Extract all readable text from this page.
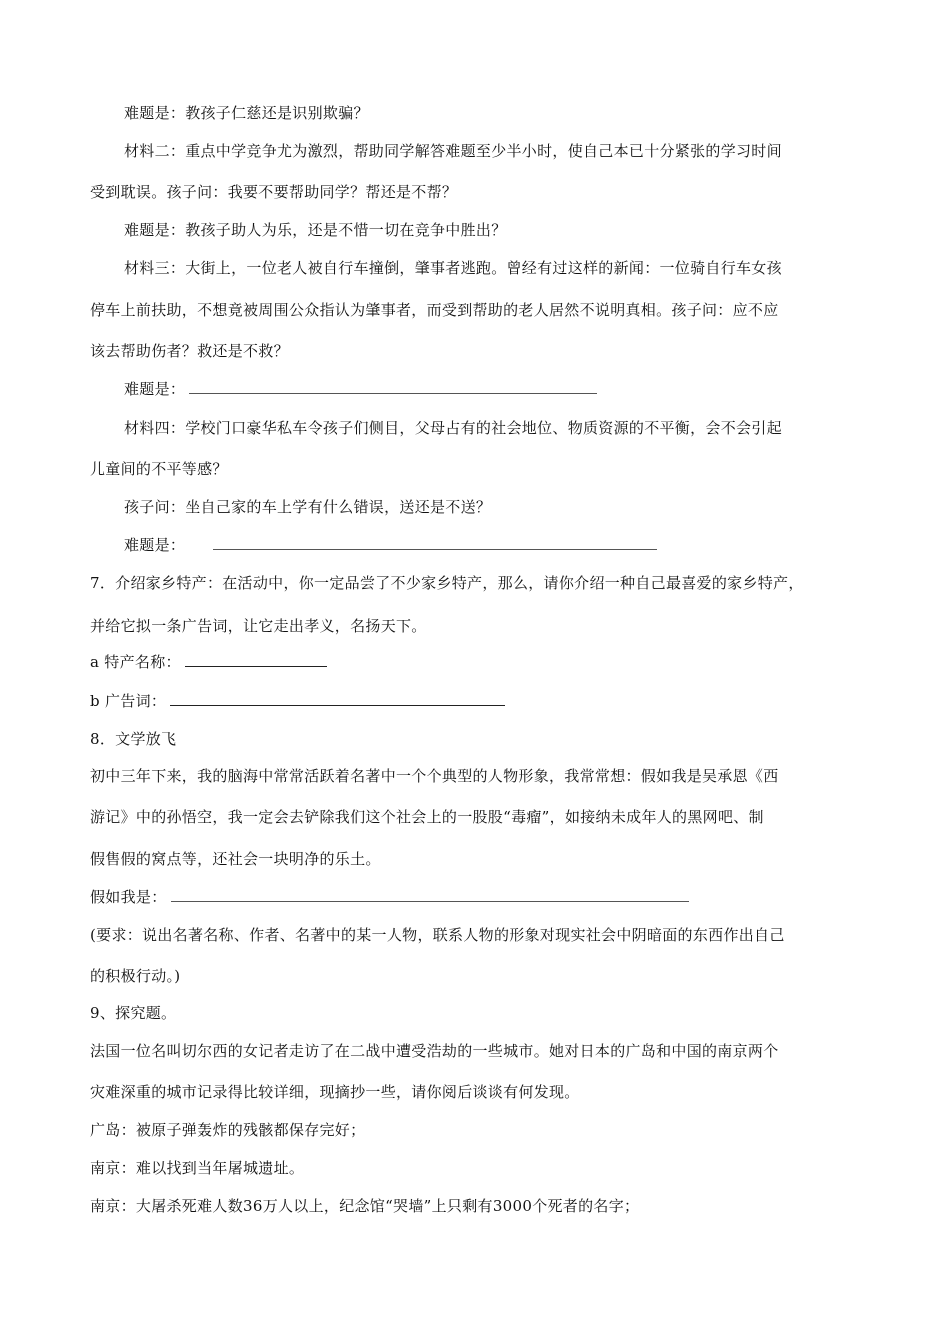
难题是：教孩子仁慈还是识别欺骗？
材料二：重点中学竞争尤为激烈，帮助同学解答难题至少半小时，使自己本已十分紧张的学习时间
受到耽误。孩子问：我要不要帮助同学？帮还是不帮？
难题是：教孩子助人为乐，还是不惜一切在竞争中胜出？
材料三：大街上，一位老人被自行车撞倒，肇事者逃跑。曾经有过这样的新闻：一位骑自行车女孩
停车上前扶助，不想竟被周围公众指认为肇事者，而受到帮助的老人居然不说明真相。孩子问：应不应
该去帮助伤者？救还是不救？
难题是：
材料四：学校门口豪华私车令孩子们侧目，父母占有的社会地位、物质资源的不平衡，会不会引起
儿童间的不平等感？
孩子问：坐自己家的车上学有什么错误，送还是不送？
难题是：
7．介绍家乡特产：在活动中，你一定品尝了不少家乡特产，那么，请你介绍一种自己最喜爱的家乡特产，
并给它拟一条广告词，让它走出孝义，名扬天下。
a 特产名称：
b 广告词：
8．文学放飞
初中三年下来，我的脑海中常常活跃着名著中一个个典型的人物形象，我常常想：假如我是吴承恩《西
游记》中的孙悟空，我一定会去铲除我们这个社会上的一股股“毒瘤”，如接纳未成年人的黑网吧、制
假售假的窝点等，还社会一块明净的乐土。
假如我是：
(要求：说出名著名称、作者、名著中的某一人物，联系人物的形象对现实社会中阴暗面的东西作出自己
的积极行动。)
9、探究题。
法国一位名叫切尔西的女记者走访了在二战中遭受浩劫的一些城市。她对日本的广岛和中国的南京两个
灾难深重的城市记录得比较详细，现摘抄一些，请你阅后谈谈有何发现。
广岛：被原子弹轰炸的残骸都保存完好；
南京：难以找到当年屠城遗址。
南京：大屠杀死难人数36万人以上，纪念馆“哭墙”上只剩有3000个死者的名字；
